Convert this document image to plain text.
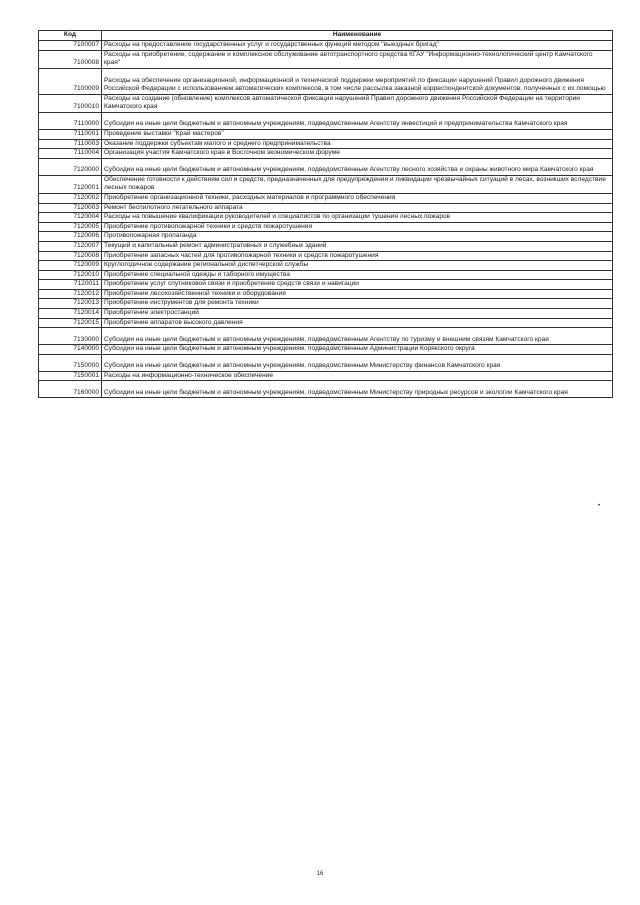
Код	Наименование
7100007	Расходы на предоставление государственных услуг и государственных функций методом "выездных бригад"
7100008	Расходы на приобретение, содержание и комплексное обслуживание автотранспортного средства КГАУ "Информационно-технологический центр Камчатского края"
7100009	Расходы на обеспечение организационной, информационной и технической поддержки мероприятий по фиксации нарушений Правил дорожного движения Российской Федерации с использованием автоматических комплексов, в том числе рассылка заказной корреспондентской документов, полученных с их помощью
7100010	Расходы на создание (обновление) комплексов автоматической фиксации нарушений Правил дорожного движения Российской Федерации на территории Камчатского края
7110000	Субсидии на иные цели бюджетным и автономным учреждениям, подведомственным Агентству инвестиций и предпринимательства Камчатского края
7110001	Проведение выставки "Край мастеров"
7110003	Оказание поддержки субъектам малого и среднего предпринимательства
7110004	Организация участия Камчатского края в Восточном экономическом форуме
7120000	Субсидии на иные цели бюджетным и автономным учреждениям, подведомственным Агентству лесного хозяйства и охраны животного мира Камчатского края
7120001	Обеспечение готовности к действиям сил и средств, предназначенных для предупреждения и ликвидации чрезвычайных ситуаций в лесах, возникших вследствие лесных пожаров
7120002	Приобретение организационной техники, расходных материалов и программного обеспечения
7120003	Ремонт беспилотного летательного аппарата
7120004	Расходы на повышение квалификации руководителей и специалистов по организации тушения лесных пожаров
7120005	Приобретение противопожарной техники и средств пожаротушения
7120006	Противопожарная пропаганда
7120007	Текущий и капитальный ремонт административных и служебных зданий
7120008	Приобретение запасных частей для противопожарной техники и средств пожаротушения
7120009	Круглогодичное содержание региональной диспетчерской службы
7120010	Приобретение специальной одежды и таборного имущества
7120011	Приобретение услуг спутниковой связи и приобретение средств связи и навигации
7120012	Приобретение лесохозяйственной техники и оборудования
7120013	Приобретение инструментов для ремонта техники
7120014	Приобретение электростанций
7120015	Приобретение аппаратов высокого давления
7130000	Субсидии на иные цели бюджетным и автономным учреждениям, подведомственным Агентству по туризму и внешним связям Камчатского края
7140000	Субсидии на иные цели бюджетным и автономным учреждениям, подведомственным Администрации Корякского округа
7150000	Субсидии на иные цели бюджетным и автономным учреждениям, подведомственным Министерству финансов Камчатского края
7150001	Расходы на информационно-техническое обеспечение
7160000	Субсидии на иные цели бюджетным и автономным учреждениям, подведомственным Министерству природных ресурсов и экологии Камчатского края
•
16
